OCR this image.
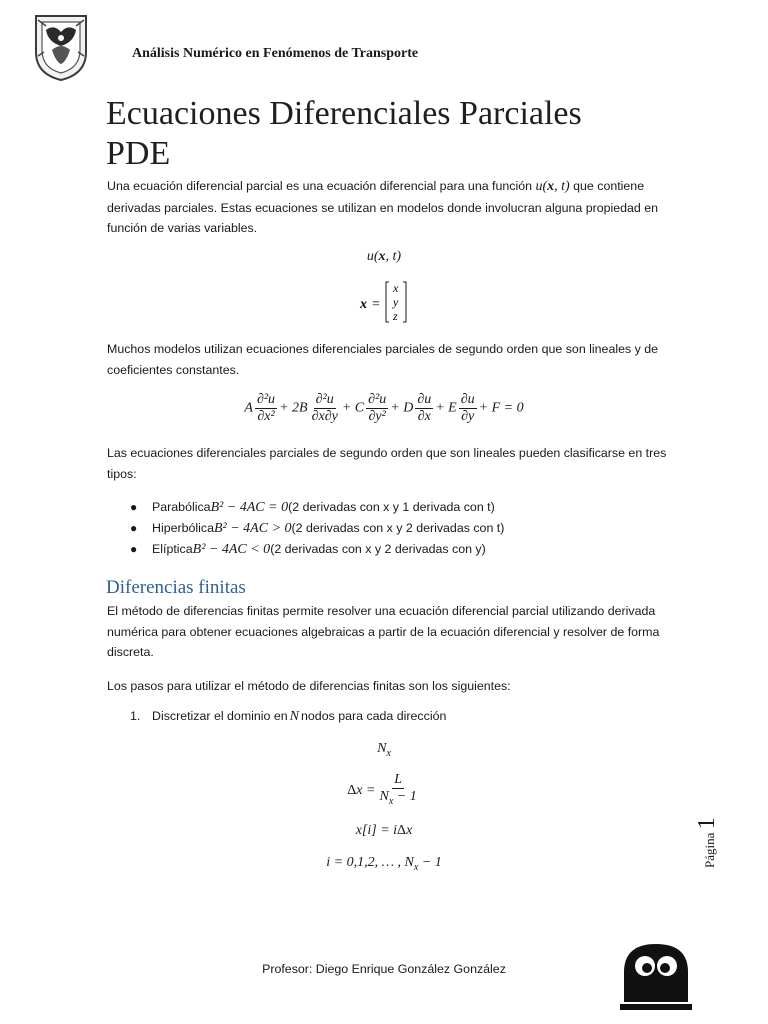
Análisis Numérico en Fenómenos de Transporte
Ecuaciones Diferenciales Parciales
PDE
Una ecuación diferencial parcial es una ecuación diferencial para una función u(x, t) que contiene derivadas parciales. Estas ecuaciones se utilizan en modelos donde involucran alguna propiedad en función de varias variables.
u(x, t)
x =
x
y
z
Muchos modelos utilizan ecuaciones diferenciales parciales de segundo orden que son lineales y de coeficientes constantes.
A $\frac{\text{∂²u}}{\text{∂x²}} + 2B \frac{\text{∂²u}}{\partial x\partial y} + C \frac{\text{∂²u}}{\text{∂y²}} + D \frac{\partial u}{\partial x} + E \frac{\partial u}{\partial y} + F = 0$
Las ecuaciones diferenciales parciales de segundo orden que son lineales pueden clasificarse en tres tipos:
●	Parabólica B² − 4AC = 0 (2 derivadas con x y 1 derivada con t)
●	Hiperbólica B² − 4AC > 0 (2 derivadas con x y 2 derivadas con t)
●	Elíptica B² − 4AC < 0 (2 derivadas con x y 2 derivadas con y)
Diferencias finitas
El método de diferencias finitas permite resolver una ecuación diferencial parcial utilizando derivada numérica para obtener ecuaciones algebraicas a partir de la ecuación diferencial y resolver de forma discreta.
Los pasos para utilizar el método de diferencias finitas son los siguientes:
1. Discretizar el dominio en N nodos para cada dirección
$N_x$
$\Delta x = \frac{L}{N_x - 1}$
x[i] = iΔx
i = 0,1,2, … , $N_x - 1$	Página 1
Profesor: Diego Enrique González González
